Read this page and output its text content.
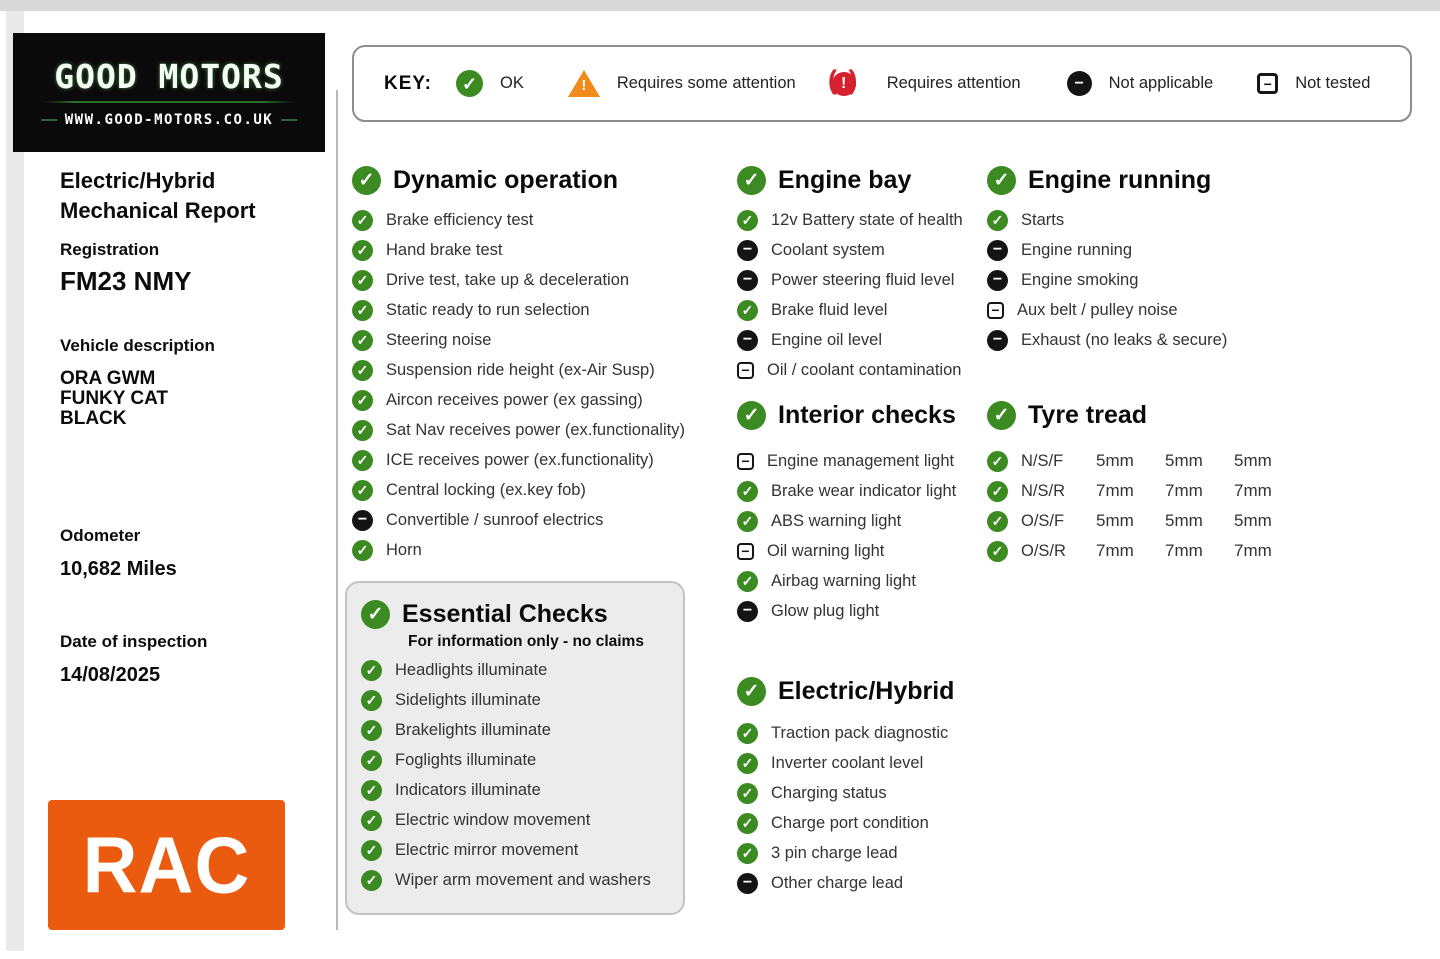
GOOD MOTORS
WWW.GOOD-MOTORS.CO.UK
KEY: ✓	OK !	Requires some attention ( ) !	Requires attention −	Not applicable −	Not tested
Electric/Hybrid
Mechanical Report
Registration
FM23 NMY
Vehicle description
ORA GWM
FUNKY CAT
BLACK
Odometer
10,682 Miles
Date of inspection
14/08/2025
RAC
✓
Dynamic operation
✓
Brake efficiency test
✓
Hand brake test
✓
Drive test, take up & deceleration
✓
Static ready to run selection
✓
Steering noise
✓
Suspension ride height (ex-Air Susp)
✓
Aircon receives power (ex gassing)
✓
Sat Nav receives power (ex.functionality)
✓
ICE receives power (ex.functionality)
✓
Central locking (ex.key fob)
−
Convertible / sunroof electrics
✓
Horn
✓
Essential Checks
For information only - no claims
✓
Headlights illuminate
✓
Sidelights illuminate
✓
Brakelights illuminate
✓
Foglights illuminate
✓
Indicators illuminate
✓
Electric window movement
✓
Electric mirror movement
✓
Wiper arm movement and washers
✓
Engine bay
✓
12v Battery state of health
−
Coolant system
−
Power steering fluid level
✓
Brake fluid level
−
Engine oil level
−
Oil / coolant contamination
✓
Interior checks
−
Engine management light
✓
Brake wear indicator light
✓
ABS warning light
−
Oil warning light
✓
Airbag warning light
−
Glow plug light
✓
Electric/Hybrid
✓
Traction pack diagnostic
✓
Inverter coolant level
✓
Charging status
✓
Charge port condition
✓
3 pin charge lead
−
Other charge lead
✓
Engine running
✓
Starts
−
Engine running
−
Engine smoking
−
Aux belt / pulley noise
−
Exhaust (no leaks & secure)
✓
Tyre tread
✓
N/S/F	5mm	5mm	5mm
✓
N/S/R	7mm	7mm	7mm
✓
O/S/F	5mm	5mm	5mm
✓
O/S/R	7mm	7mm	7mm
